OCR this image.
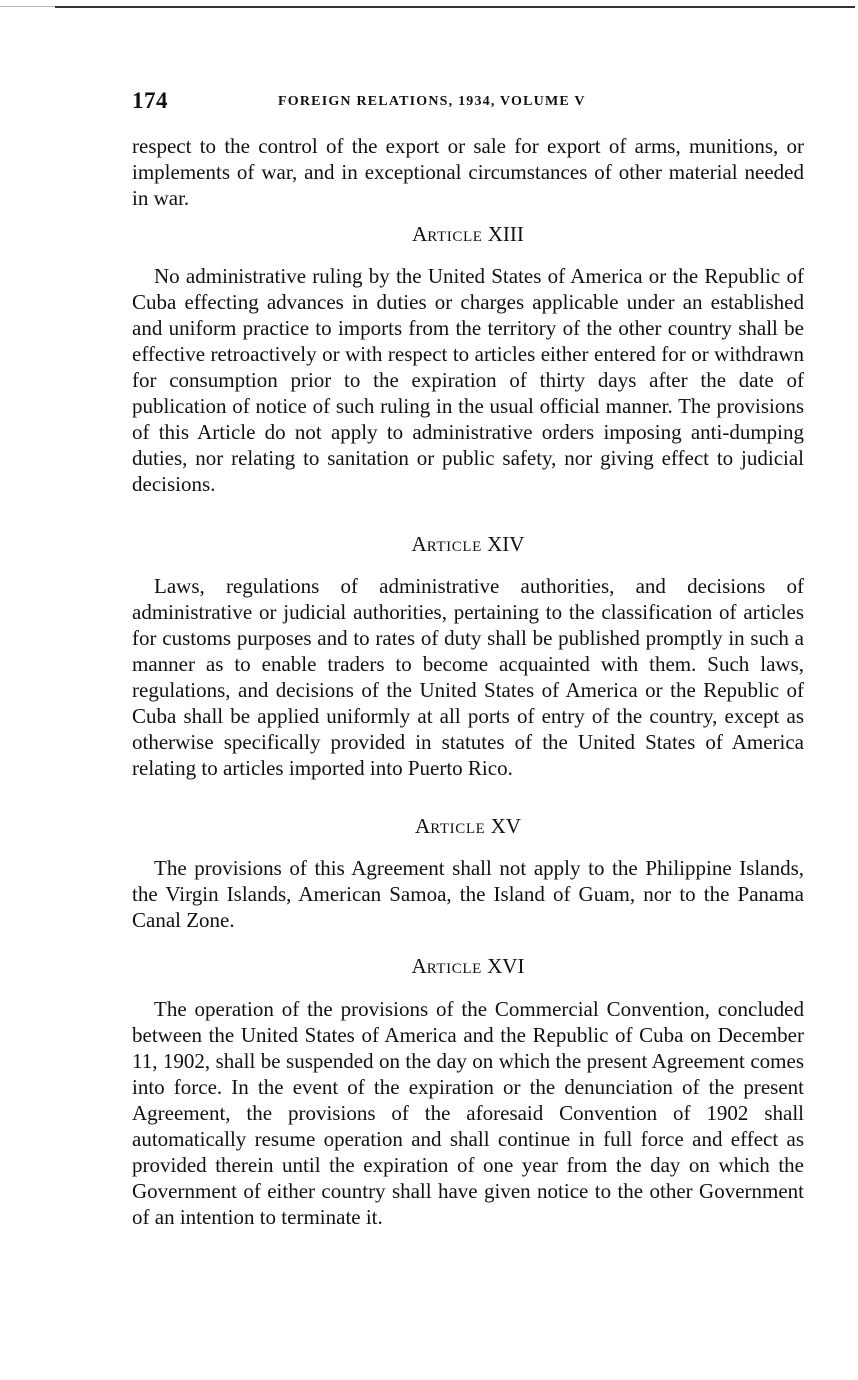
174	FOREIGN RELATIONS, 1934, VOLUME V

respect to the control of the export or sale for export of arms, munitions, or implements of war, and in exceptional circumstances of other material needed in war.

ARTICLE XIII

No administrative ruling by the United States of America or the Republic of Cuba effecting advances in duties or charges applicable under an established and uniform practice to imports from the territory of the other country shall be effective retroactively or with respect to articles either entered for or withdrawn for consumption prior to the expiration of thirty days after the date of publication of notice of such ruling in the usual official manner. The provisions of this Article do not apply to administrative orders imposing anti-dumping duties, nor relating to sanitation or public safety, nor giving effect to judicial decisions.

ARTICLE XIV

Laws, regulations of administrative authorities, and decisions of administrative or judicial authorities, pertaining to the classification of articles for customs purposes and to rates of duty shall be published promptly in such a manner as to enable traders to become acquainted with them. Such laws, regulations, and decisions of the United States of America or the Republic of Cuba shall be applied uniformly at all ports of entry of the country, except as otherwise specifically provided in statutes of the United States of America relating to articles imported into Puerto Rico.

ARTICLE XV

The provisions of this Agreement shall not apply to the Philippine Islands, the Virgin Islands, American Samoa, the Island of Guam, nor to the Panama Canal Zone.

ARTICLE XVI

The operation of the provisions of the Commercial Convention, concluded between the United States of America and the Republic of Cuba on December 11, 1902, shall be suspended on the day on which the present Agreement comes into force. In the event of the expiration or the denunciation of the present Agreement, the provisions of the aforesaid Convention of 1902 shall automatically resume operation and shall continue in full force and effect as provided therein until the expiration of one year from the day on which the Government of either country shall have given notice to the other Government of an intention to terminate it.
